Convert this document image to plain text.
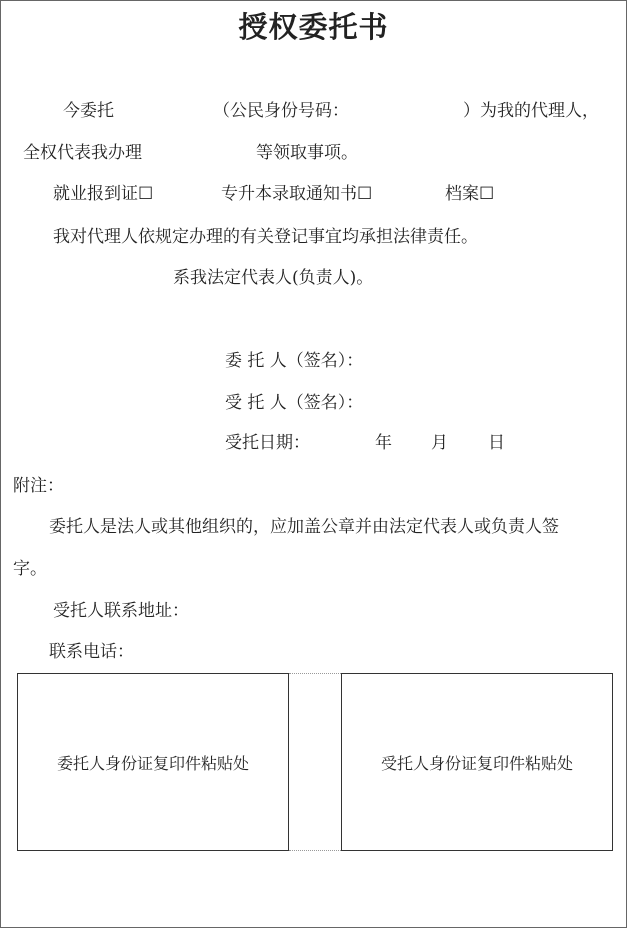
授权委托书
今委托	（公民身份号码：	）为我的代理人，
全权代表我办理	等领取事项。
就业报到证☐	专升本录取通知书☐	档案☐
我对代理人依规定办理的有关登记事宜均承担法律责任。
系我法定代表人(负责人)。
委 托 人（签名）：
受 托 人（签名）：
受托日期：	年 月 日
附注：
委托人是法人或其他组织的，应加盖公章并由法定代表人或负责人签
字。
受托人联系地址：
联系电话：
委托人身份证复印件粘贴处	受托人身份证复印件粘贴处
